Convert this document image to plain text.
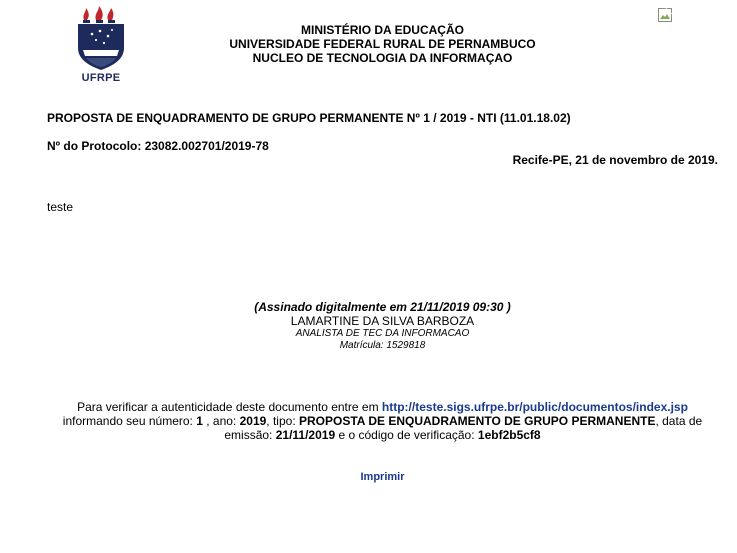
UFRPE
MINISTÉRIO DA EDUCAÇÃO
UNIVERSIDADE FEDERAL RURAL DE PERNAMBUCO
NUCLEO DE TECNOLOGIA DA INFORMAÇAO
PROPOSTA DE ENQUADRAMENTO DE GRUPO PERMANENTE Nº 1 / 2019 - NTI (11.01.18.02)
Nº do Protocolo: 23082.002701/2019-78
Recife-PE, 21 de novembro de 2019.
teste
(Assinado digitalmente em 21/11/2019 09:30 )
LAMARTINE DA SILVA BARBOZA
ANALISTA DE TEC DA INFORMACAO
Matrícula: 1529818
Para verificar a autenticidade deste documento entre em http://teste.sigs.ufrpe.br/public/documentos/index.jsp
informando seu número: 1 , ano: 2019, tipo: PROPOSTA DE ENQUADRAMENTO DE GRUPO PERMANENTE, data de emissão: 21/11/2019 e o código de verificação: 1ebf2b5cf8
Imprimir
